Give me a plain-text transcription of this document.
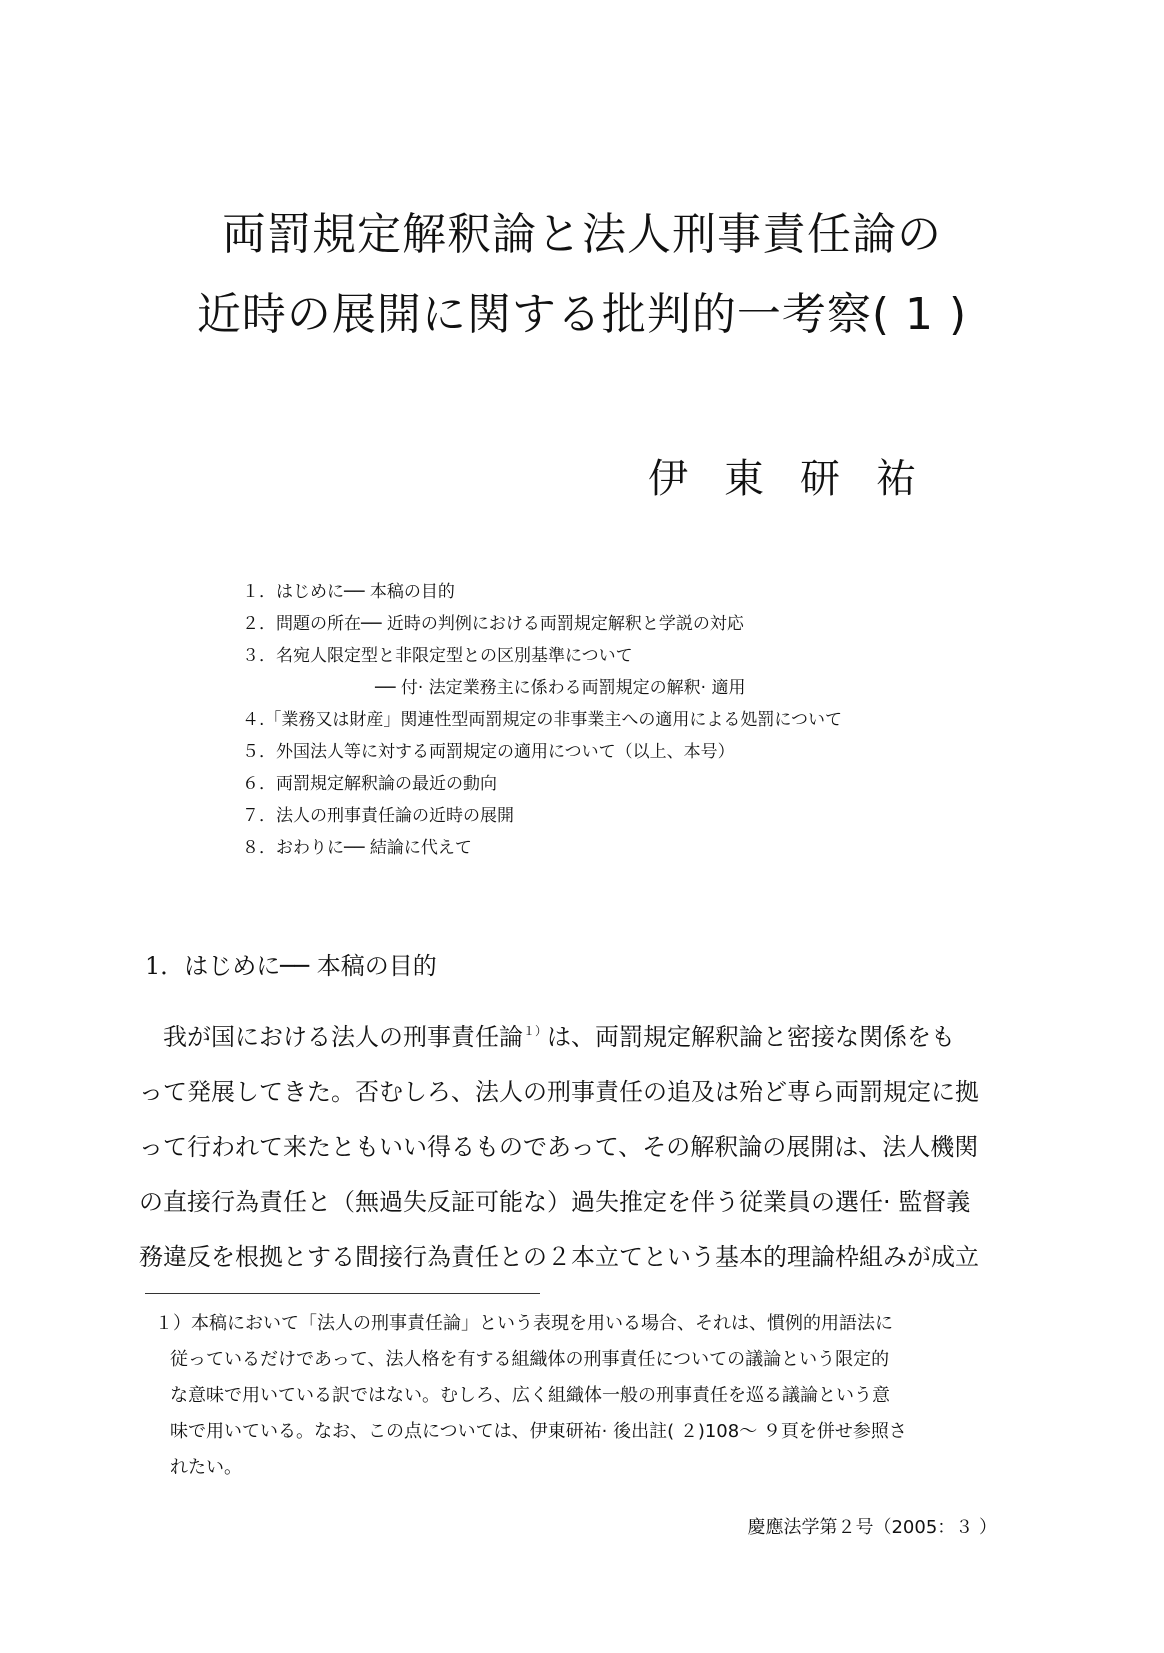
両罰規定解釈論と法人刑事責任論の
近時の展開に関する批判的一考察( 1 )
伊東研祐
１．はじめに── 本稿の目的
２．問題の所在── 近時の判例における両罰規定解釈と学説の対応
３．名宛人限定型と非限定型との区別基準について
── 付· 法定業務主に係わる両罰規定の解釈· 適用
４.「業務又は財産」関連性型両罰規定の非事業主への適用による処罰について
５．外国法人等に対する両罰規定の適用について（以上、本号）
６．両罰規定解釈論の最近の動向
７．法人の刑事責任論の近時の展開
８．おわりに── 結論に代えて
1．はじめに── 本稿の目的
我が国における法人の刑事責任論$^{1)}$は、両罰規定解釈論と密接な関係をも
って発展してきた。否むしろ、法人の刑事責任の追及は殆ど専ら両罰規定に拠
って行われて来たともいい得るものであって、その解釈論の展開は、法人機関
の直接行為責任と（無過失反証可能な）過失推定を伴う従業員の選任· 監督義
務違反を根拠とする間接行為責任との２本立てという基本的理論枠組みが成立
１）本稿において「法人の刑事責任論」という表現を用いる場合、それは、慣例的用語法に
従っているだけであって、法人格を有する組織体の刑事責任についての議論という限定的
な意味で用いている訳ではない。むしろ、広く組織体一般の刑事責任を巡る議論という意
味で用いている。なお、この点については、伊東研祐· 後出註( ２)108～ ９頁を併せ参照さ
れたい。
慶應法学第２号（2005：３ ）
